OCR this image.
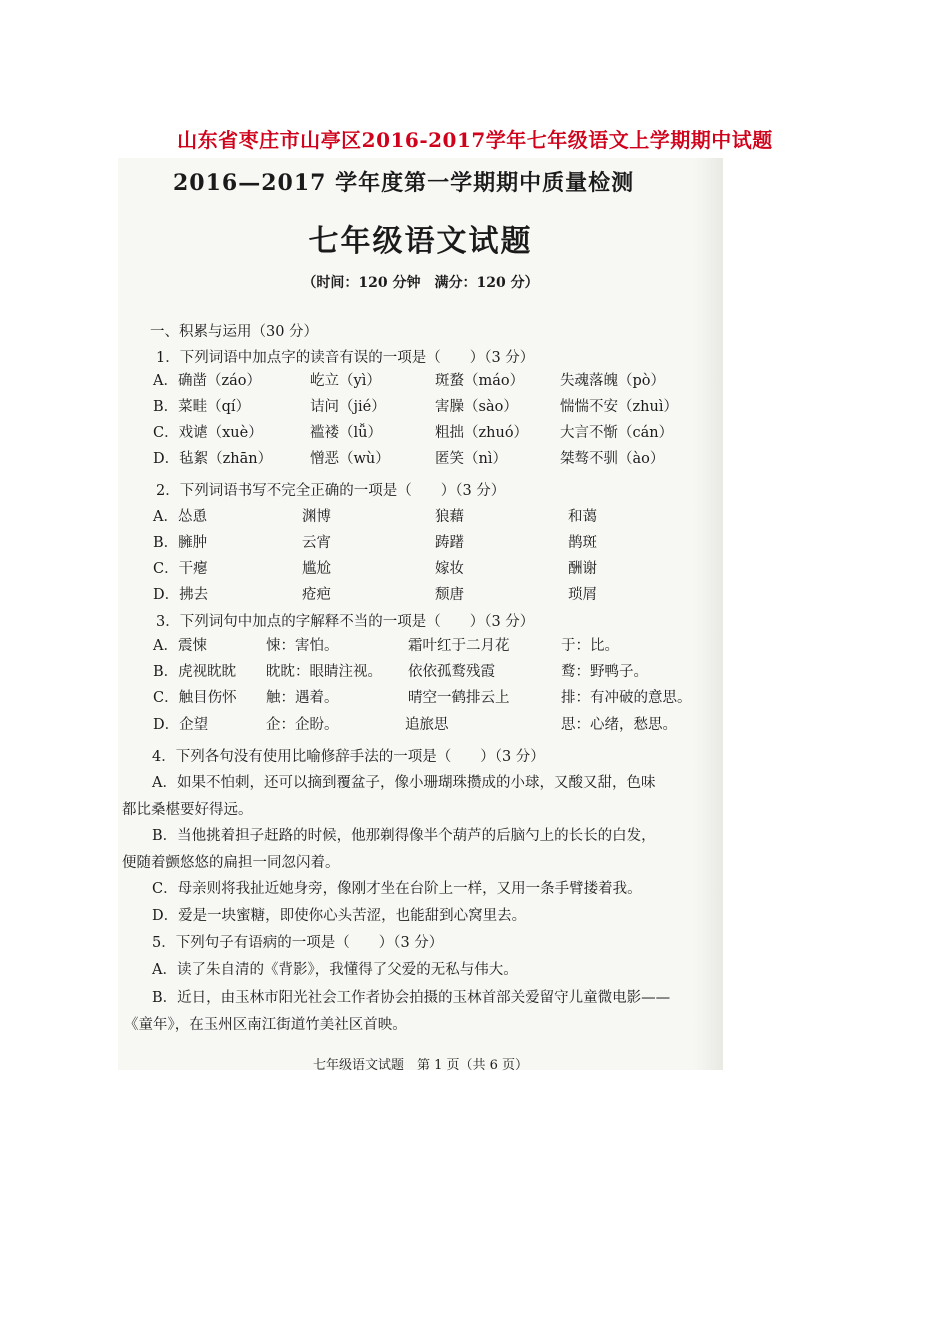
山东省枣庄市山亭区2016-2017学年七年级语文上学期期中试题
2016—2017 学年度第一学期期中质量检测
七年级语文试题
（时间：120 分钟　满分：120 分）
一、积累与运用（30 分）
1．下列词语中加点字的读音有误的一项是（　　）（3 分）
A．确凿（záo）	屹立（yì）	斑蝥（máo） 失魂落魄（pò）
B．菜畦（qí）	诘问（jié）	害臊（sào）	惴惴不安（zhuì）
C．戏谑（xuè）	褴褛（lǚ）	粗拙（zhuó） 大言不惭（cán）
D．毡絮（zhān）	憎恶（wù）	匿笑（nì）	桀骜不驯（ào）
2．下列词语书写不完全正确的一项是（　　）（3 分）
A．怂恿	渊博	狼藉	和蔼
B．臃肿	云宵	踌躇	鹊斑
C．干瘪	尴尬	嫁妆	酬谢
D．拂去	疮疤	颓唐	琐屑
3．下列词句中加点的字解释不当的一项是（　　）（3 分）
A．震悚	悚：害怕。	霜叶红于二月花	于：比。
B．虎视眈眈 眈眈：眼睛注视。 依依孤鹜残霞	鹜：野鸭子。
C．触目伤怀 触：遇着。	晴空一鹤排云上	排：有冲破的意思。
D．企望	企：企盼。	追旅思	思：心绪，愁思。
4．下列各句没有使用比喻修辞手法的一项是（　　）（3 分）
A．如果不怕刺，还可以摘到覆盆子，像小珊瑚珠攒成的小球，又酸又甜，色味
都比桑椹要好得远。
B．当他挑着担子赶路的时候，他那剃得像半个葫芦的后脑勺上的长长的白发，
便随着颤悠悠的扁担一同忽闪着。
C．母亲则将我扯近她身旁，像刚才坐在台阶上一样，又用一条手臂搂着我。
D．爱是一块蜜糖，即使你心头苦涩，也能甜到心窝里去。
5．下列句子有语病的一项是（　　）（3 分）
A．读了朱自清的《背影》，我懂得了父爱的无私与伟大。
B．近日，由玉林市阳光社会工作者协会拍摄的玉林首部关爱留守儿童微电影——
《童年》，在玉州区南江街道竹美社区首映。
七年级语文试题　第 1 页（共 6 页）
